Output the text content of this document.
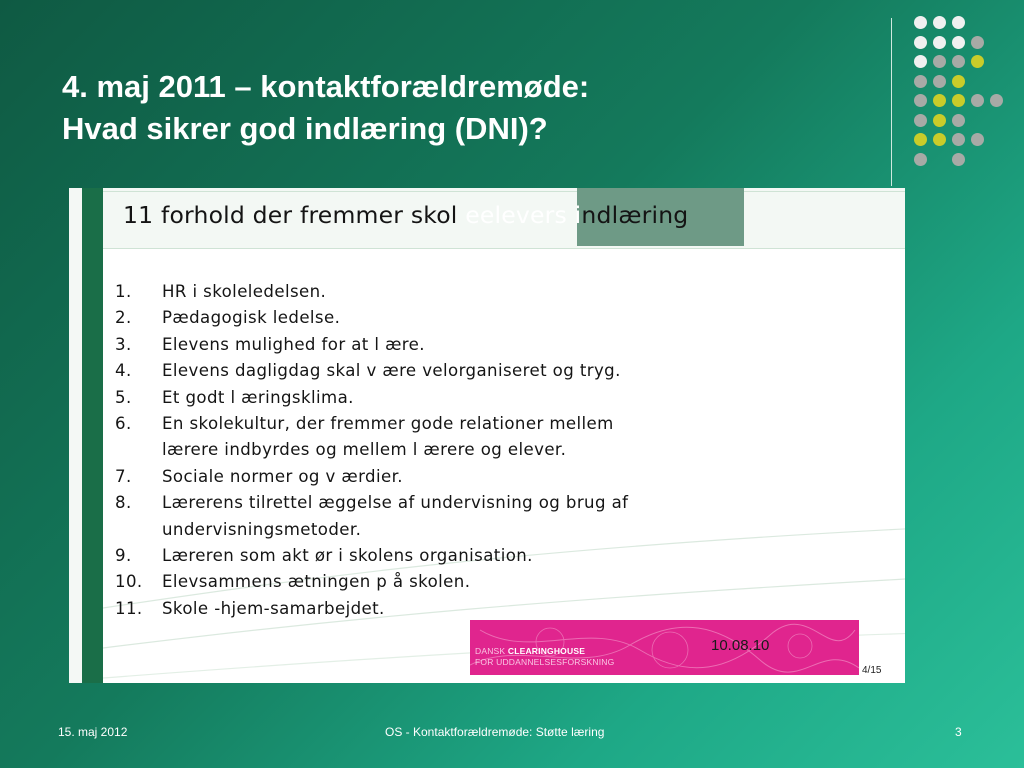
4. maj 2011 – kontaktforældremøde:
Hvad sikrer god indlæring (DNI)?
11 forhold der fremmer skol eelevers indlæring
1.	HR i skoleledelsen.
2.	Pædagogisk ledelse.
3.	Elevens mulighed for at l ære.
4.	Elevens dagligdag skal v ære velorganiseret og tryg.
5.	Et godt l æringsklima.
6.	En skolekultur, der fremmer gode relationer mellem
lærere indbyrdes og mellem l ærere og elever.
7.	Sociale normer og v ærdier.
8.	Lærerens tilrettel æggelse af undervisning og brug af
undervisningsmetoder.
9.	Læreren som akt ør i skolens organisation.
10.	Elevsammens ætningen p å skolen.
11.	Skole -hjem-samarbejdet.
DANSK CLEARINGHOUSE
FOR UDDANNELSESFORSKNING
10.08.10
4/15
15. maj 2012	OS - Kontaktforældremøde: Støtte læring	3
